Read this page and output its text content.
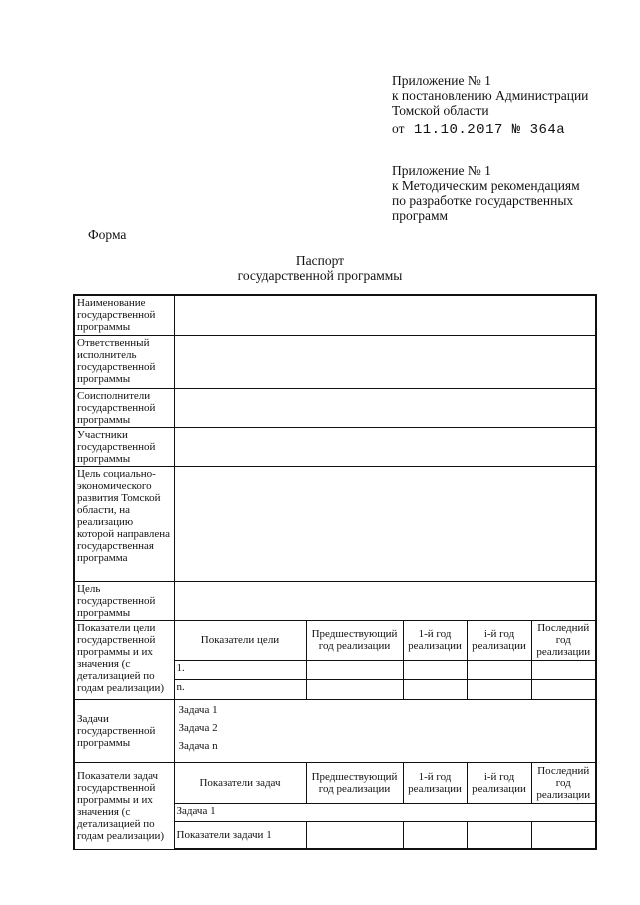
Приложение № 1
к постановлению Администрации
Томской области
от 11.10.2017 № 364а
Приложение № 1
к Методическим рекомендациям
по разработке государственных
программ
Форма
Паспорт
государственной программы
Наименование государственной программы					
Ответственный исполнитель государственной программы					
Соисполнители государственной программы					
Участники государственной программы					
Цель социально-экономического развития Томской области, на реализацию которой направлена государственная программа					
Цель государственной программы					
Показатели цели государственной программы и их значения (с детализацией по годам реализации)	Показатели цели	Предшествующий год реализации	1-й год реализации	i-й год реализации	Последний год реализации
	1.				
	n.				
Задачи государственной программы	Задача 1
Задача 2
Задача n				

Показатели задач государственной программы и их значения (с детализацией по годам реализации)	Показатели задач	Предшествующий год реализации	1-й год реализации	i-й год реализации	Последний год реализации
	Задача 1				
	Показатели задачи 1				
